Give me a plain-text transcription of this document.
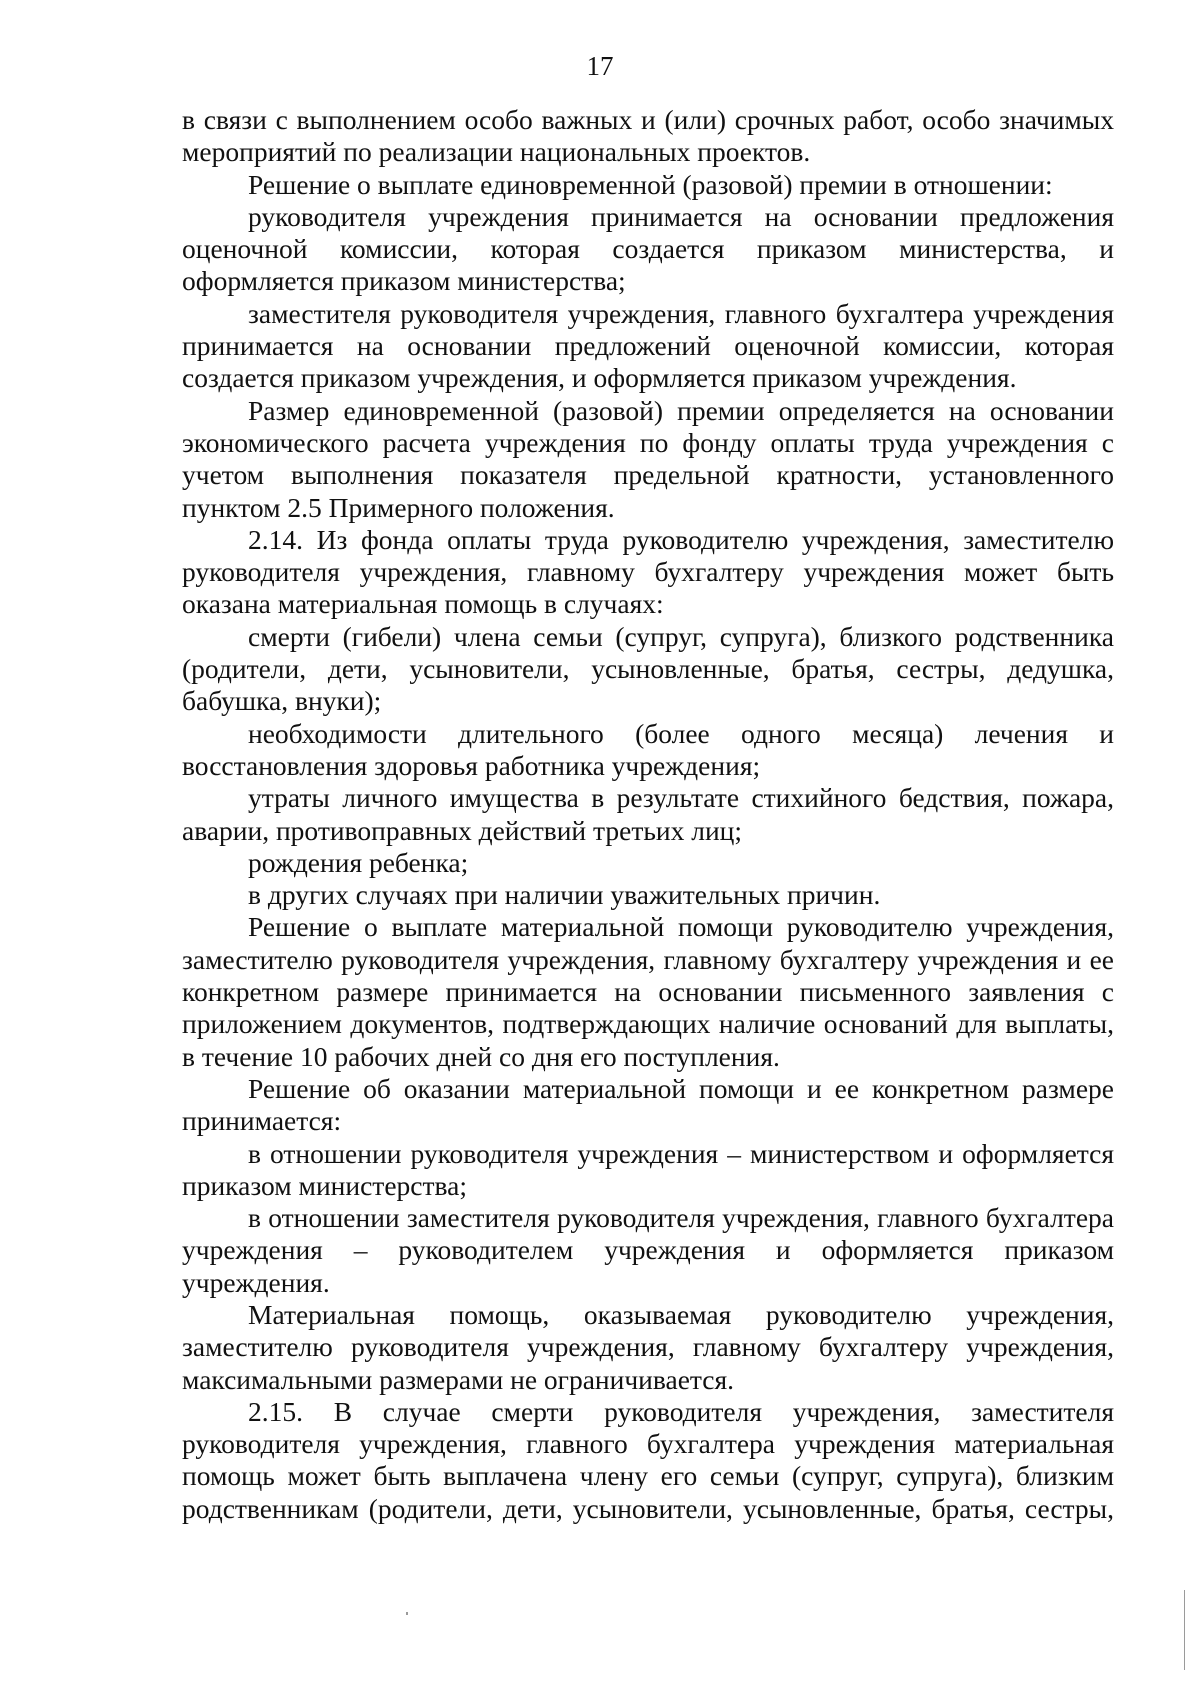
17

в связи с выполнением особо важных и (или) срочных работ, особо значимых мероприятий по реализации национальных проектов.

Решение о выплате единовременной (разовой) премии в отношении:

руководителя учреждения принимается на основании предложения оценочной комиссии, которая создается приказом министерства, и оформляется приказом министерства;

заместителя руководителя учреждения, главного бухгалтера учреждения принимается на основании предложений оценочной комиссии, которая создается приказом учреждения, и оформляется приказом учреждения.

Размер единовременной (разовой) премии определяется на основании экономического расчета учреждения по фонду оплаты труда учреждения с учетом выполнения показателя предельной кратности, установленного пунктом 2.5 Примерного положения.

2.14. Из фонда оплаты труда руководителю учреждения, заместителю руководителя учреждения, главному бухгалтеру учреждения может быть оказана материальная помощь в случаях:

смерти (гибели) члена семьи (супруг, супруга), близкого родственника (родители, дети, усыновители, усыновленные, братья, сестры, дедушка, бабушка, внуки);

необходимости длительного (более одного месяца) лечения и восстановления здоровья работника учреждения;

утраты личного имущества в результате стихийного бедствия, пожара, аварии, противоправных действий третьих лиц;

рождения ребенка;

в других случаях при наличии уважительных причин.

Решение о выплате материальной помощи руководителю учреждения, заместителю руководителя учреждения, главному бухгалтеру учреждения и ее конкретном размере принимается на основании письменного заявления с приложением документов, подтверждающих наличие оснований для выплаты, в течение 10 рабочих дней со дня его поступления.

Решение об оказании материальной помощи и ее конкретном размере принимается:

в отношении руководителя учреждения – министерством и оформляется приказом министерства;

в отношении заместителя руководителя учреждения, главного бухгалтера учреждения – руководителем учреждения и оформляется приказом учреждения.

Материальная помощь, оказываемая руководителю учреждения, заместителю руководителя учреждения, главному бухгалтеру учреждения, максимальными размерами не ограничивается.

2.15. В случае смерти руководителя учреждения, заместителя руководителя учреждения, главного бухгалтера учреждения материальная помощь может быть выплачена члену его семьи (супруг, супруга), близким родственникам (родители, дети, усыновители, усыновленные, братья, сестры,
